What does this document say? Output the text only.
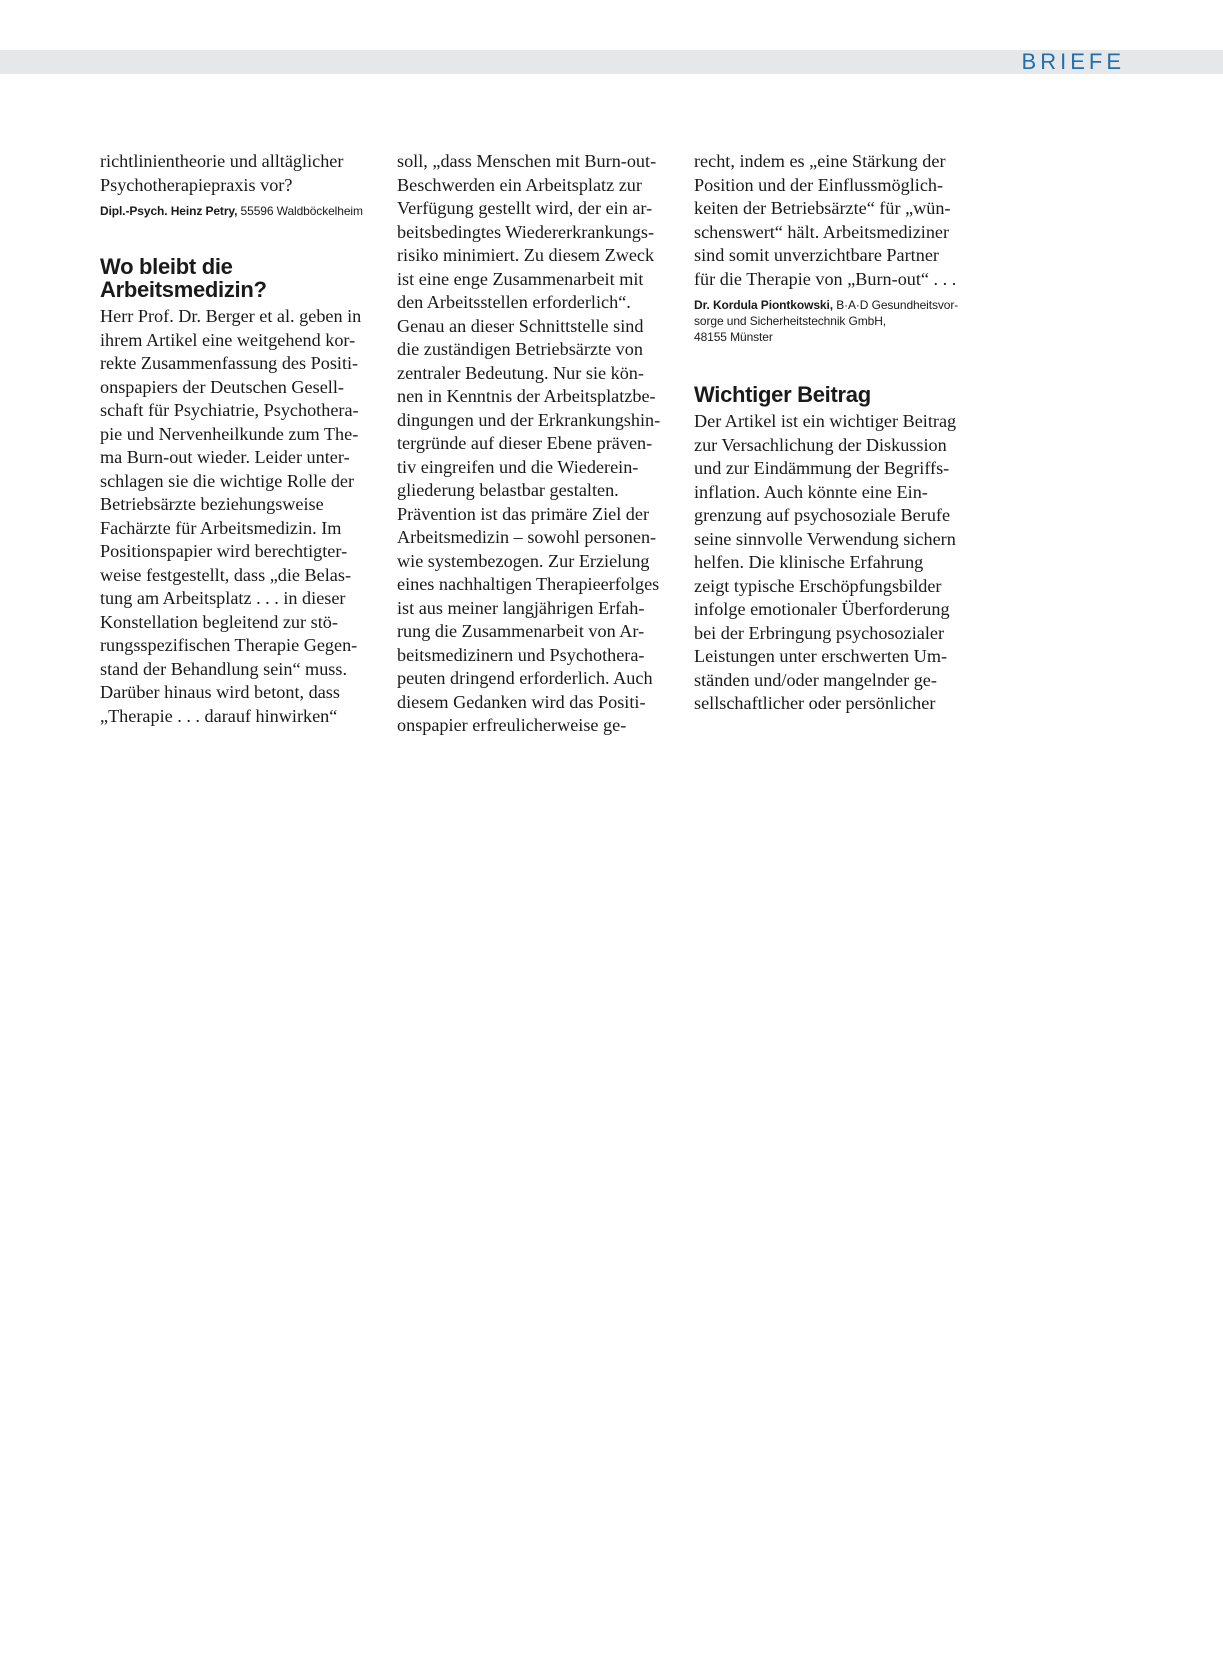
BRIEFE

richtlinientheorie und alltäglicher
Psychotherapiepraxis vor?

Dipl.-Psych. Heinz Petry, 55596 Waldböckelheim
Wo bleibt die
Arbeitsmedizin?

Herr Prof. Dr. Berger et al. geben in
ihrem Artikel eine weitgehend kor-
rekte Zusammenfassung des Positi-
onspapiers der Deutschen Gesell-
schaft für Psychiatrie, Psychothera-
pie und Nervenheilkunde zum The-
ma Burn-out wieder. Leider unter-
schlagen sie die wichtige Rolle der
Betriebsärzte beziehungsweise
Fachärzte für Arbeitsmedizin. Im
Positionspapier wird berechtigter-
weise festgestellt, dass „die Belas-
tung am Arbeitsplatz . . . in dieser
Konstellation begleitend zur stö-
rungsspezifischen Therapie Gegen-
stand der Behandlung sein“ muss.
Darüber hinaus wird betont, dass
„Therapie . . . darauf hinwirken“

soll, „dass Menschen mit Burn-out-
Beschwerden ein Arbeitsplatz zur
Verfügung gestellt wird, der ein ar-
beitsbedingtes Wiedererkrankungs-
risiko minimiert. Zu diesem Zweck
ist eine enge Zusammenarbeit mit
den Arbeitsstellen erforderlich“.
Genau an dieser Schnittstelle sind
die zuständigen Betriebsärzte von
zentraler Bedeutung. Nur sie kön-
nen in Kenntnis der Arbeitsplatzbe-
dingungen und der Erkrankungshin-
tergründe auf dieser Ebene präven-
tiv eingreifen und die Wiederein-
gliederung belastbar gestalten.
Prävention ist das primäre Ziel der
Arbeitsmedizin – sowohl personen-
wie systembezogen. Zur Erzielung
eines nachhaltigen Therapieerfolges
ist aus meiner langjährigen Erfah-
rung die Zusammenarbeit von Ar-
beitsmedizinern und Psychothera-
peuten dringend erforderlich. Auch
diesem Gedanken wird das Positi-
onspapier erfreulicherweise ge-

recht, indem es „eine Stärkung der
Position und der Einflussmöglich-
keiten der Betriebsärzte“ für „wün-
schenswert“ hält. Arbeitsmediziner
sind somit unverzichtbare Partner
für die Therapie von „Burn-out“ . . .

Dr. Kordula Piontkowski, B·A·D Gesundheitsvor-
sorge und Sicherheitstechnik GmbH,
48155 Münster
Wichtiger Beitrag

Der Artikel ist ein wichtiger Beitrag
zur Versachlichung der Diskussion
und zur Eindämmung der Begriffs-
inflation. Auch könnte eine Ein-
grenzung auf psychosoziale Berufe
seine sinnvolle Verwendung sichern
helfen. Die klinische Erfahrung
zeigt typische Erschöpfungsbilder
infolge emotionaler Überforderung
bei der Erbringung psychosozialer
Leistungen unter erschwerten Um-
ständen und/oder mangelnder ge-
sellschaftlicher oder persönlicher
